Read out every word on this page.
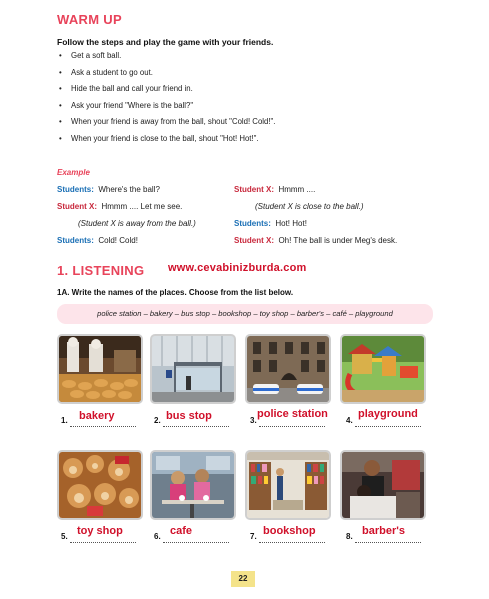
WARM UP
Follow the steps and play the game with your friends.
• Get a soft ball.
• Ask a student to go out.
• Hide the ball and call your friend in.
• Ask your friend "Where is the ball?"
• When your friend is away from the ball, shout "Cold! Cold!".
• When your friend is close to the ball, shout "Hot! Hot!".
Example
Students: Where's the ball?
Student X: Hmmm .... Let me see.
(Student X is away from the ball.)
Students: Cold! Cold!
Student X: Hmmm ....
(Student X is close to the ball.)
Students: Hot! Hot!
Student X: Oh! The ball is under Meg's desk.
1. LISTENING www.cevabinizburda.com
1A. Write the names of the places. Choose from the list below.
police station – bakery – bus stop – bookshop – toy shop – barber's – café – playground
1. bakery	2. bus stop	3.
police station
4.
playground
5. toy shop	6. cafe	7. bookshop	8. barber's
22
